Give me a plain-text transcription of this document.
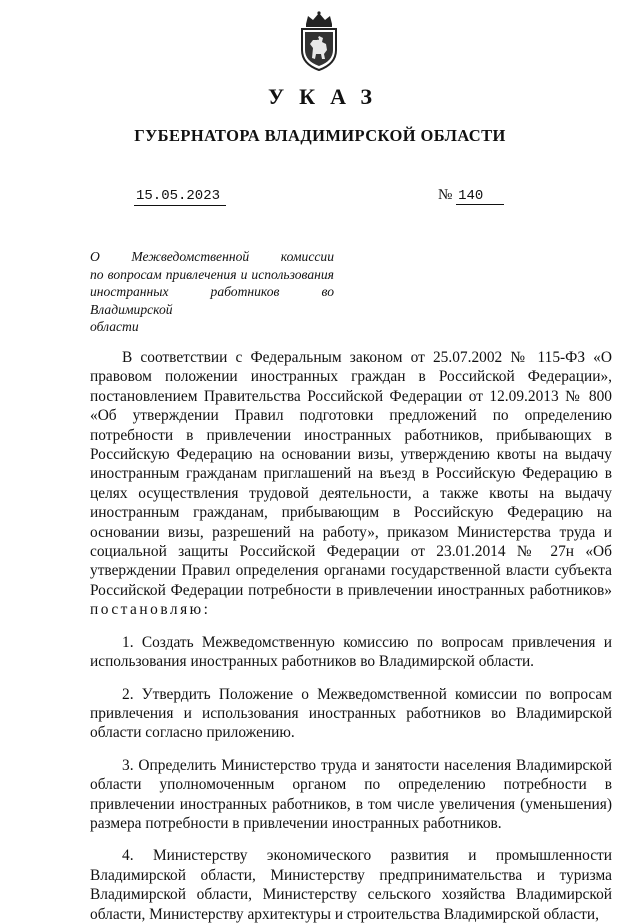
УКАЗ
ГУБЕРНАТОРА ВЛАДИМИРСКОЙ ОБЛАСТИ
15.05.2023	№ 140
О Межведомственной комиссии
по вопросам привлечения и использования
иностранных работников во Владимирской
области

В соответствии с Федеральным законом от 25.07.2002 № 115-ФЗ «О правовом положении иностранных граждан в Российской Федерации», постановлением Правительства Российской Федерации от 12.09.2013 № 800 «Об утверждении Правил подготовки предложений по определению потребности в привлечении иностранных работников, прибывающих в Российскую Федерацию на основании визы, утверждению квоты на выдачу иностранным гражданам приглашений на въезд в Российскую Федерацию в целях осуществления трудовой деятельности, а также квоты на выдачу иностранным гражданам, прибывающим в Российскую Федерацию на основании визы, разрешений на работу», приказом Министерства труда и социальной защиты Российской Федерации от 23.01.2014 № 27н «Об утверждении Правил определения органами государственной власти субъекта Российской Федерации потребности в привлечении иностранных работников» постановляю:

1. Создать Межведомственную комиссию по вопросам привлечения и использования иностранных работников во Владимирской области.

2. Утвердить Положение о Межведомственной комиссии по вопросам привлечения и использования иностранных работников во Владимирской области согласно приложению.

3. Определить Министерство труда и занятости населения Владимирской области уполномоченным органом по определению потребности в привлечении иностранных работников, в том числе увеличения (уменьшения) размера потребности в привлечении иностранных работников.

4. Министерству экономического развития и промышленности Владимирской области, Министерству предпринимательства и туризма Владимирской области, Министерству сельского хозяйства Владимирской области, Министерству архитектуры и строительства Владимирской области,
